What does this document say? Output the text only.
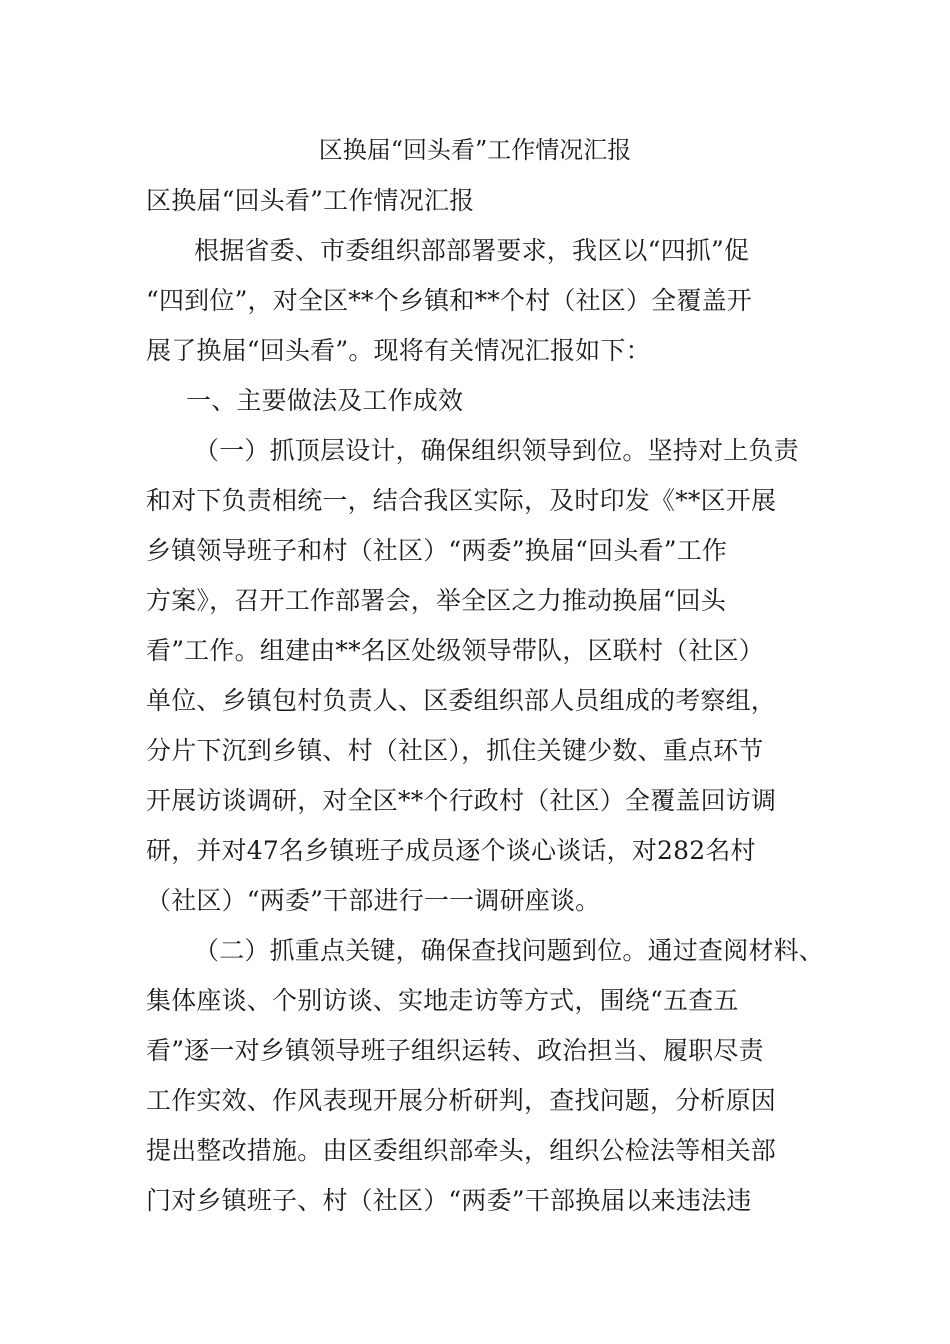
区换届“回头看”工作情况汇报
区换届“回头看”工作情况汇报
根据省委、市委组织部部署要求，我区以“四抓”促
“四到位”，对全区**个乡镇和**个村（社区）全覆盖开
展了换届“回头看”。现将有关情况汇报如下：
一、主要做法及工作成效
（一）抓顶层设计，确保组织领导到位。坚持对上负责
和对下负责相统一，结合我区实际，及时印发《**区开展
乡镇领导班子和村（社区）“两委”换届“回头看”工作
方案》，召开工作部署会，举全区之力推动换届“回头
看”工作。组建由**名区处级领导带队，区联村（社区）
单位、乡镇包村负责人、区委组织部人员组成的考察组，
分片下沉到乡镇、村（社区），抓住关键少数、重点环节
开展访谈调研，对全区**个行政村（社区）全覆盖回访调
研，并对47名乡镇班子成员逐个谈心谈话，对282名村
（社区）“两委”干部进行一一调研座谈。
（二）抓重点关键，确保查找问题到位。通过查阅材料、
集体座谈、个别访谈、实地走访等方式，围绕“五查五
看”逐一对乡镇领导班子组织运转、政治担当、履职尽责
工作实效、作风表现开展分析研判，查找问题，分析原因
提出整改措施。由区委组织部牵头，组织公检法等相关部
门对乡镇班子、村（社区）“两委”干部换届以来违法违
